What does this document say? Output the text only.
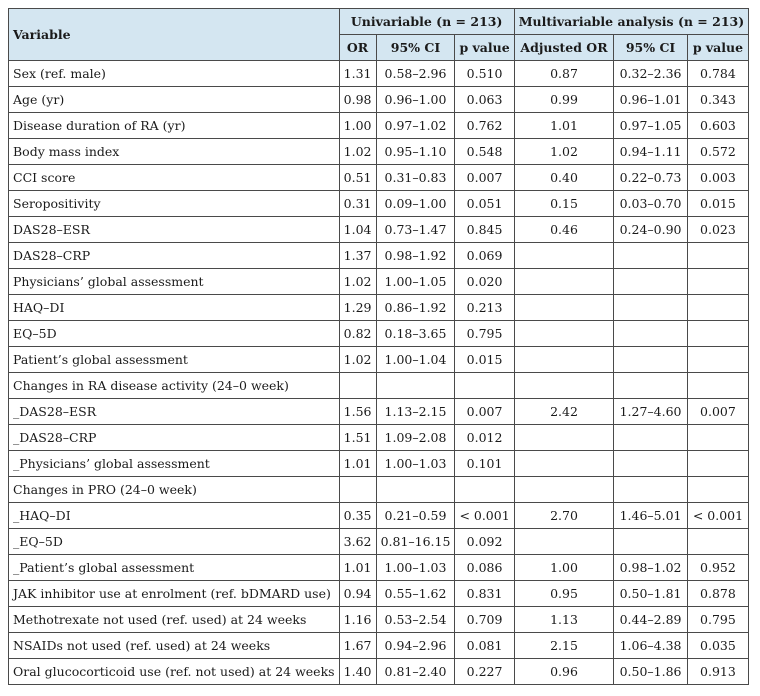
Variable	Univariable (n = 213)			Multivariable analysis (n = 213)		
	OR	95% CI	p value	Adjusted OR	95% CI	p value
Sex (ref. male)	1.31	0.58–2.96	0.510	0.87	0.32–2.36	0.784
Age (yr)	0.98	0.96–1.00	0.063	0.99	0.96–1.01	0.343
Disease duration of RA (yr)	1.00	0.97–1.02	0.762	1.01	0.97–1.05	0.603
Body mass index	1.02	0.95–1.10	0.548	1.02	0.94–1.11	0.572
CCI score	0.51	0.31–0.83	0.007	0.40	0.22–0.73	0.003
Seropositivity	0.31	0.09–1.00	0.051	0.15	0.03–0.70	0.015
DAS28–ESR	1.04	0.73–1.47	0.845	0.46	0.24–0.90	0.023
DAS28–CRP	1.37	0.98–1.92	0.069			
Physicians’ global assessment	1.02	1.00–1.05	0.020			
HAQ–DI	1.29	0.86–1.92	0.213			
EQ–5D	0.82	0.18–3.65	0.795			
Patient’s global assessment	1.02	1.00–1.04	0.015			
Changes in RA disease activity (24–0 week)						
_DAS28–ESR	1.56	1.13–2.15	0.007	2.42	1.27–4.60	0.007
_DAS28–CRP	1.51	1.09–2.08	0.012			
_Physicians’ global assessment	1.01	1.00–1.03	0.101			
Changes in PRO (24–0 week)						
_HAQ–DI	0.35	0.21–0.59	< 0.001	2.70	1.46–5.01	< 0.001
_EQ–5D	3.62	0.81–16.15	0.092			
_Patient’s global assessment	1.01	1.00–1.03	0.086	1.00	0.98–1.02	0.952
JAK inhibitor use at enrolment (ref. bDMARD use)	0.94	0.55–1.62	0.831	0.95	0.50–1.81	0.878
Methotrexate not used (ref. used) at 24 weeks	1.16	0.53–2.54	0.709	1.13	0.44–2.89	0.795
NSAIDs not used (ref. used) at 24 weeks	1.67	0.94–2.96	0.081	2.15	1.06–4.38	0.035
Oral glucocorticoid use (ref. not used) at 24 weeks	1.40	0.81–2.40	0.227	0.96	0.50–1.86	0.913
